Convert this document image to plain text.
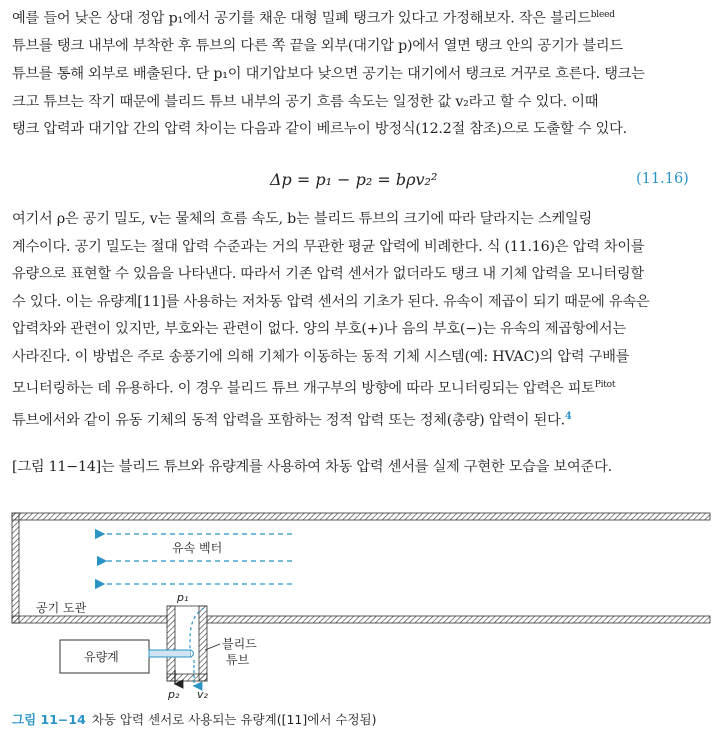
예를 들어 낮은 상대 정압 p₁에서 공기를 채운 대형 밀폐 탱크가 있다고 가정해보자. 작은 블리드$^{bleed}$
튜브를 탱크 내부에 부착한 후 튜브의 다른 쪽 끝을 외부(대기압 p)에서 열면 탱크 안의 공기가 블리드
튜브를 통해 외부로 배출된다. 단 p₁이 대기압보다 낮으면 공기는 대기에서 탱크로 거꾸로 흐른다. 탱크는
크고 튜브는 작기 때문에 블리드 튜브 내부의 공기 흐름 속도는 일정한 값 v₂라고 할 수 있다. 이때
탱크 압력과 대기압 간의 압력 차이는 다음과 같이 베르누이 방정식(12.2절 참조)으로 도출할 수 있다.
Δp = p₁ − p₂ = bρv₂²	(11.16)
여기서 ρ은 공기 밀도, v는 물체의 흐름 속도, b는 블리드 튜브의 크기에 따라 달라지는 스케일링
계수이다. 공기 밀도는 절대 압력 수준과는 거의 무관한 평균 압력에 비례한다. 식 (11.16)은 압력 차이를
유량으로 표현할 수 있음을 나타낸다. 따라서 기존 압력 센서가 없더라도 탱크 내 기체 압력을 모니터링할
수 있다. 이는 유량계[11]를 사용하는 저차동 압력 센서의 기초가 된다. 유속이 제곱이 되기 때문에 유속은
압력차와 관련이 있지만, 부호와는 관련이 없다. 양의 부호(+)나 음의 부호(−)는 유속의 제곱항에서는
사라진다. 이 방법은 주로 송풍기에 의해 기체가 이동하는 동적 기체 시스템(예: HVAC)의 압력 구배를
모니터링하는 데 유용하다. 이 경우 블리드 튜브 개구부의 방향에 따라 모니터링되는 압력은 피토$^{Pitot}$
튜브에서와 같이 유동 기체의 동적 압력을 포함하는 정적 압력 또는 정체(총량) 압력이 된다.$^4$
[그림 11−14]는 블리드 튜브와 유량계를 사용하여 차동 압력 센서를 실제 구현한 모습을 보여준다.
유속 벡터
공기 도관
p₁
유량계
p₂ v₂
블리드
튜브
그림 11−14 차동 압력 센서로 사용되는 유량계([11]에서 수정됨)
